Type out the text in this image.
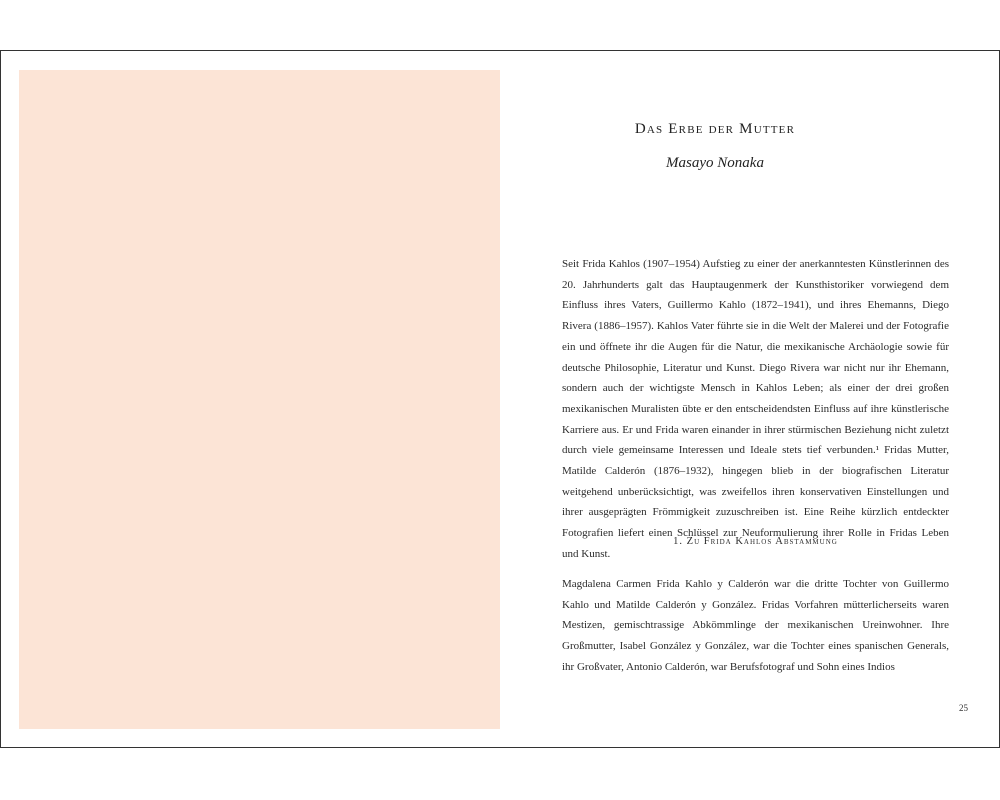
Das Erbe der Mutter
Masayo Nonaka

Seit Frida Kahlos (1907–1954) Aufstieg zu einer der anerkanntesten Künstlerinnen des 20. Jahrhunderts galt das Hauptaugenmerk der Kunsthistoriker vorwiegend dem Einfluss ihres Vaters, Guillermo Kahlo (1872–1941), und ihres Ehemanns, Diego Rivera (1886–1957). Kahlos Vater führte sie in die Welt der Malerei und der Fotografie ein und öffnete ihr die Augen für die Natur, die mexikanische Archäologie sowie für deutsche Philosophie, Literatur und Kunst. Diego Rivera war nicht nur ihr Ehemann, sondern auch der wichtigste Mensch in Kahlos Leben; als einer der drei großen mexikanischen Muralisten übte er den entscheidendsten Einfluss auf ihre künstlerische Karriere aus. Er und Frida waren einander in ihrer stürmischen Beziehung nicht zuletzt durch viele gemeinsame Interessen und Ideale stets tief verbunden.¹ Fridas Mutter, Matilde Calderón (1876–1932), hingegen blieb in der biografischen Literatur weitgehend unberücksichtigt, was zweifellos ihren konservativen Einstellungen und ihrer ausgeprägten Frömmigkeit zuzuschreiben ist. Eine Reihe kürzlich entdeckter Fotografien liefert einen Schlüssel zur Neuformulierung ihrer Rolle in Fridas Leben und Kunst.

1. Zu Frida Kahlos Abstammung

Magdalena Carmen Frida Kahlo y Calderón war die dritte Tochter von Guillermo Kahlo und Matilde Calderón y González. Fridas Vorfahren mütterlicherseits waren Mestizen, gemischtrassige Abkömmlinge der mexikanischen Ureinwohner. Ihre Großmutter, Isabel González y González, war die Tochter eines spanischen Generals, ihr Großvater, Antonio Calderón, war Berufsfotograf und Sohn eines Indios

25
